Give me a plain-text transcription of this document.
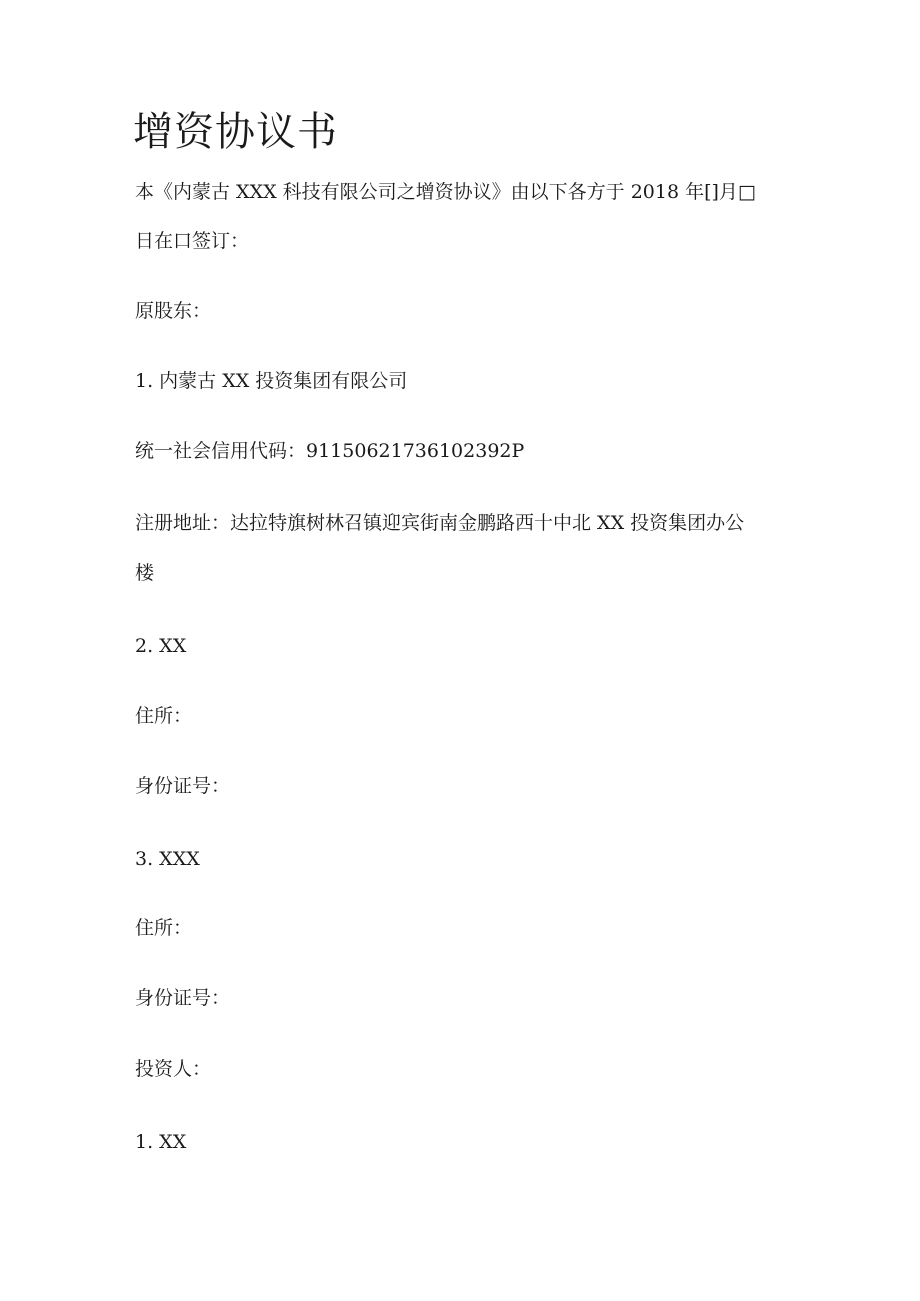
增资协议书
本《内蒙古 XXX 科技有限公司之增资协议》由以下各方于 2018 年[]月□
日在口签订：
原股东：
1. 内蒙古 XX 投资集团有限公司
统一社会信用代码：91150621736102392P
注册地址：达拉特旗树林召镇迎宾街南金鹏路西十中北 XX 投资集团办公
楼
2. XX
住所：
身份证号：
3. XXX
住所：
身份证号：
投资人：
1. XX
